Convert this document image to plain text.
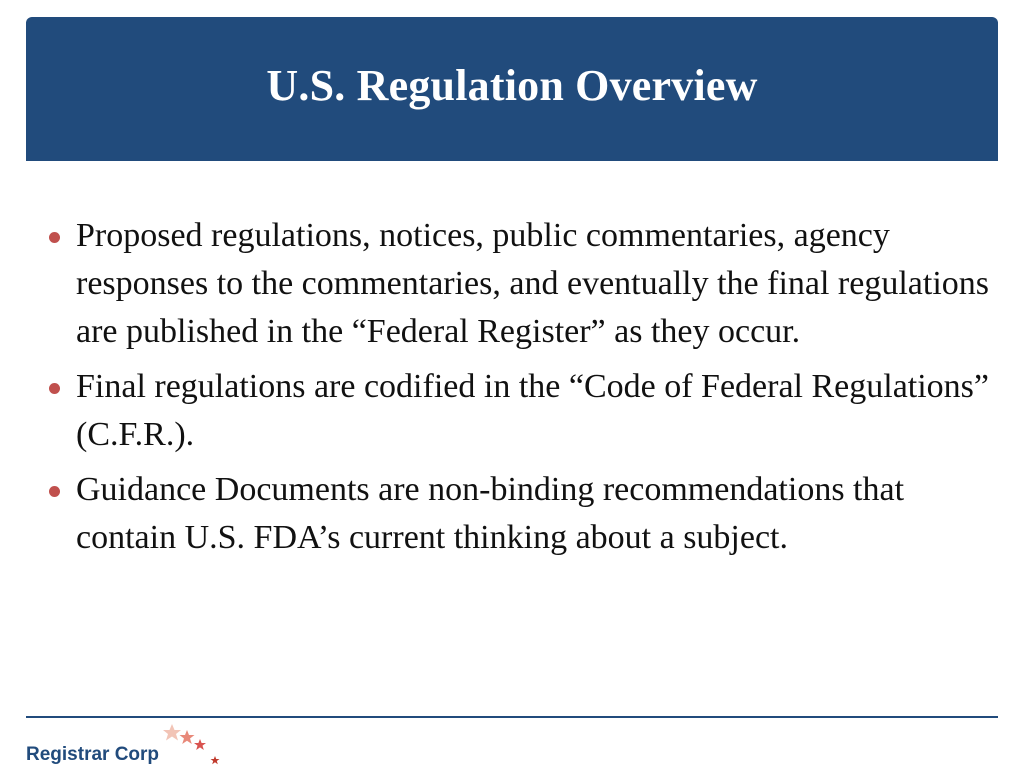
U.S. Regulation Overview
Proposed regulations, notices, public commentaries, agency responses to the commentaries, and eventually the final regulations are published in the “Federal Register” as they occur.
Final regulations are codified in the “Code of Federal Regulations” (C.F.R.).
Guidance Documents are non-binding recommendations that contain U.S. FDA’s current thinking about a subject.
Registrar Corp
